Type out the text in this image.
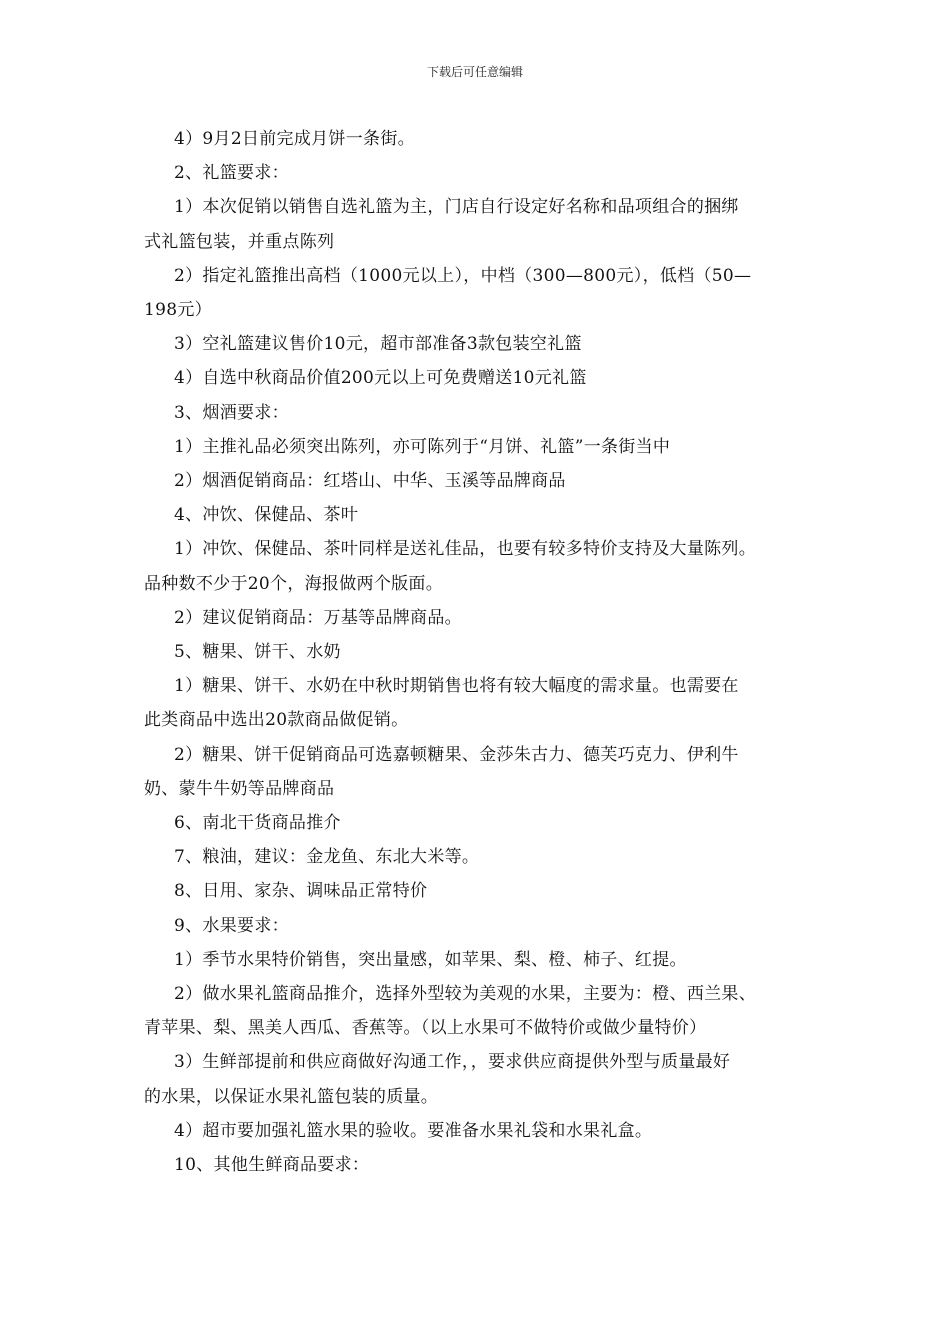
下载后可任意编辑

4）9月2日前完成月饼一条街。

2、礼篮要求：

1）本次促销以销售自选礼篮为主，门店自行设定好名称和品项组合的捆绑

式礼篮包装，并重点陈列

2）指定礼篮推出高档（1000元以上），中档（300—800元），低档（50—

198元）

3）空礼篮建议售价10元，超市部准备3款包装空礼篮

4）自选中秋商品价值200元以上可免费赠送10元礼篮

3、烟酒要求：

1）主推礼品必须突出陈列，亦可陈列于“月饼、礼篮”一条街当中

2）烟酒促销商品：红塔山、中华、玉溪等品牌商品

4、冲饮、保健品、茶叶

1）冲饮、保健品、茶叶同样是送礼佳品，也要有较多特价支持及大量陈列。

品种数不少于20个，海报做两个版面。

2）建议促销商品：万基等品牌商品。

5、糖果、饼干、水奶

1）糖果、饼干、水奶在中秋时期销售也将有较大幅度的需求量。也需要在

此类商品中选出20款商品做促销。

2）糖果、饼干促销商品可选嘉顿糖果、金莎朱古力、德芙巧克力、伊利牛

奶、蒙牛牛奶等品牌商品

6、南北干货商品推介

7、粮油，建议：金龙鱼、东北大米等。

8、日用、家杂、调味品正常特价

9、水果要求：

1）季节水果特价销售，突出量感，如苹果、梨、橙、柿子、红提。

2）做水果礼篮商品推介，选择外型较为美观的水果，主要为：橙、西兰果、

青苹果、梨、黑美人西瓜、香蕉等。（以上水果可不做特价或做少量特价）

3）生鲜部提前和供应商做好沟通工作，，要求供应商提供外型与质量最好

的水果，以保证水果礼篮包装的质量。

4）超市要加强礼篮水果的验收。要准备水果礼袋和水果礼盒。

10、其他生鲜商品要求：
